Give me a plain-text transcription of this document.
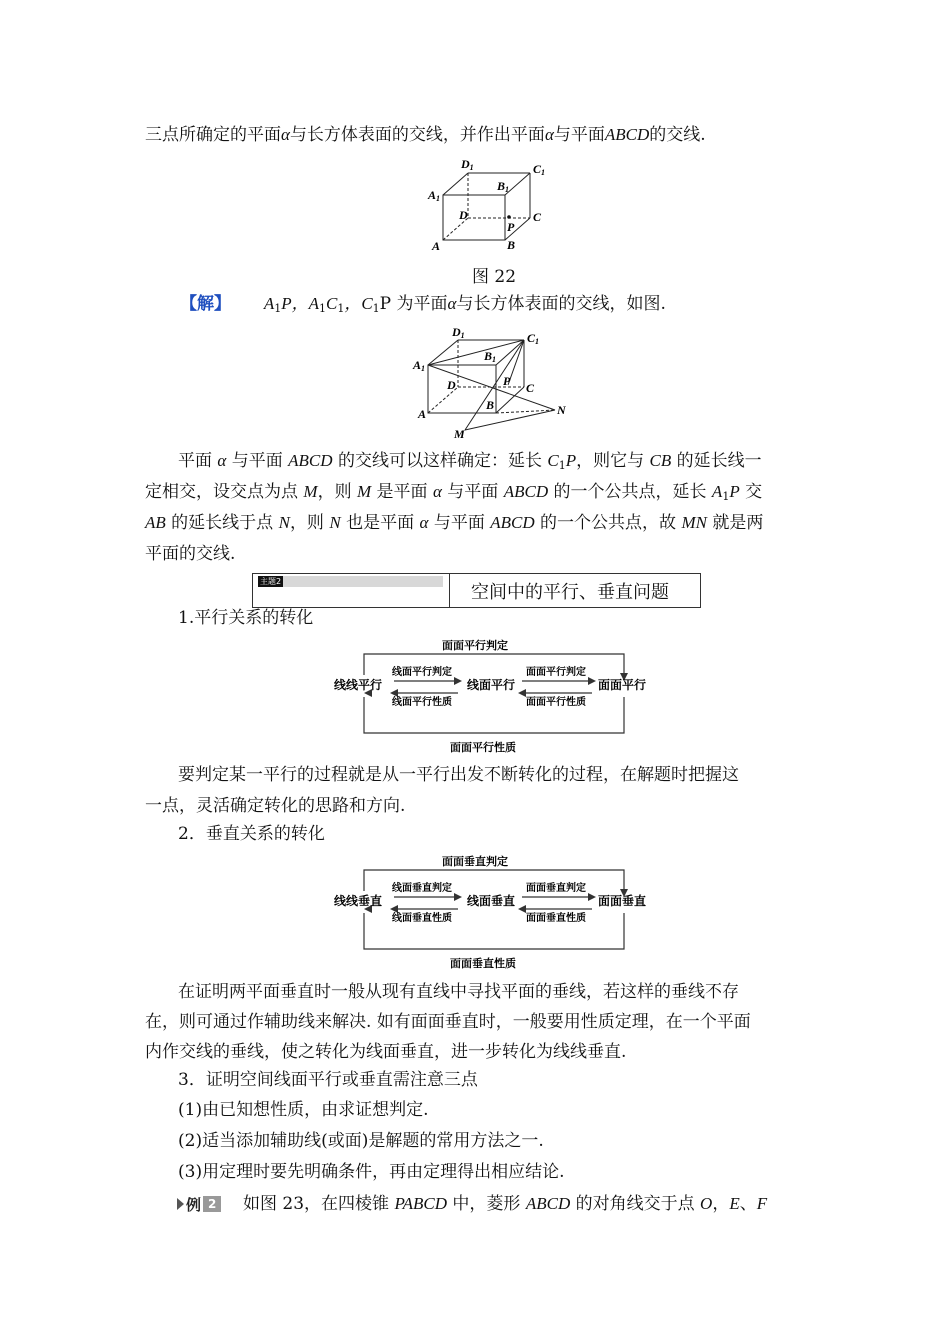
三点所确定的平面α与长方体表面的交线，并作出平面α与平面ABCD的交线.
D1	C1
B1
A1
D	C
P
A	B
图 22
【解】 $A_1P$，$A_1C_1$，$C_1P$ 为平面α与长方体表面的交线，如图.
D1	C1
B1
A1
D	P C
A
B	N
M
平面 α 与平面 ABCD 的交线可以这样确定：延长 $C_1P$，则它与 CB 的延长线一
定相交，设交点为点 M，则 M 是平面 α 与平面 ABCD 的一个公共点，延长 $A_1P$ 交
AB 的延长线于点 N，则 N 也是平面 α 与平面 ABCD 的一个公共点，故 MN 就是两
平面的交线.
主题2
空间中的平行、垂直问题
1.平行关系的转化
面面平行判定
线线平行	线面平行	面面平行
线面平行判定
线面平行性质
面面平行判定
面面平行性质
面面平行性质
要判定某一平行的过程就是从一平行出发不断转化的过程，在解题时把握这
一点，灵活确定转化的思路和方向.
2．垂直关系的转化
面面垂直判定
线线垂直	线面垂直	面面垂直
线面垂直判定
线面垂直性质
面面垂直判定
面面垂直性质
面面垂直性质
在证明两平面垂直时一般从现有直线中寻找平面的垂线，若这样的垂线不存
在，则可通过作辅助线来解决. 如有面面垂直时，一般要用性质定理，在一个平面
内作交线的垂线，使之转化为线面垂直，进一步转化为线线垂直.
3．证明空间线面平行或垂直需注意三点
(1)由已知想性质，由求证想判定.
(2)适当添加辅助线(或面)是解题的常用方法之一.
(3)用定理时要先明确条件，再由定理得出相应结论.
例 2 如图 23，在四棱锥 PABCD 中，菱形 ABCD 的对角线交于点 O，E、F
